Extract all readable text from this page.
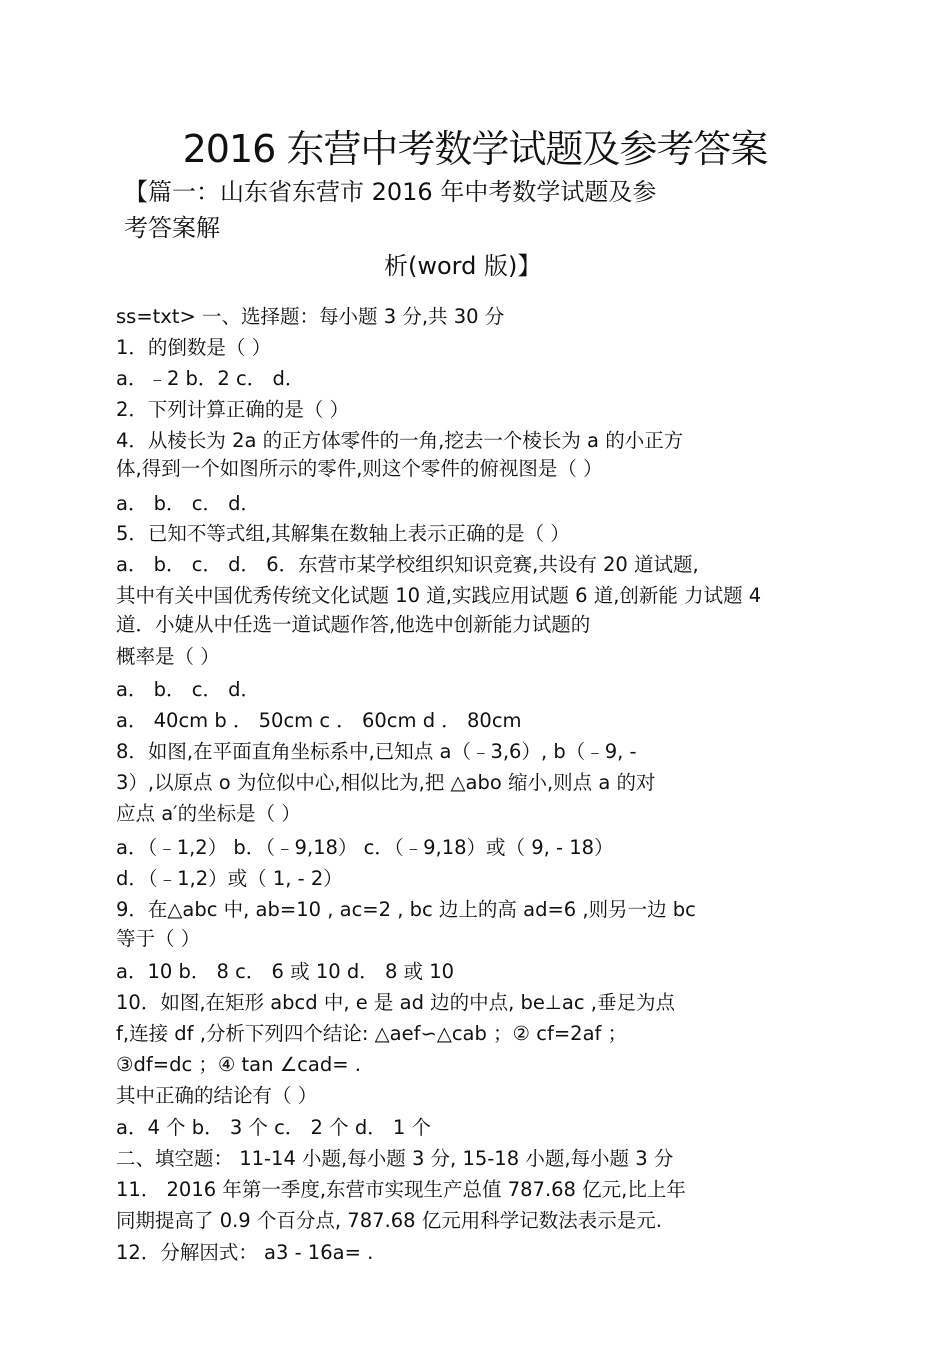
2016 东营中考数学试题及参考答案
【篇一：山东省东营市 2016 年中考数学试题及参
考答案解
析(word 版)】
ss=txt> 一、选择题：每小题 3 分,共 30 分
1．的倒数是（ ）
a．﹣2 b．2 c． d．
2．下列计算正确的是（ ）
4．从棱长为 2a 的正方体零件的一角,挖去一个棱长为 a 的小正方
体,得到一个如图所示的零件,则这个零件的俯视图是（ ）
a． b． c． d．
5．已知不等式组,其解集在数轴上表示正确的是（ ）
a． b． c． d． 6．东营市某学校组织知识竞赛,共设有 20 道试题,
其中有关中国优秀传统文化试题 10 道,实践应用试题 6 道,创新能 力试题 4
道．小婕从中任选一道试题作答,他选中创新能力试题的
概率是（ ）
a． b． c． d．
a． 40cm b ． 50cm c ． 60cm d ． 80cm
8．如图,在平面直角坐标系中,已知点 a（﹣3,6）, b（﹣9, -
3）,以原点 o 为位似中心,相似比为,把 △abo 缩小,则点 a 的对
应点 a′的坐标是（ ）
a．（﹣1,2） b．（﹣9,18） c．（﹣9,18）或（ 9, - 18）
d．（﹣1,2）或（ 1, - 2）
9．在△abc 中, ab=10 , ac=2 , bc 边上的高 ad=6 ,则另一边 bc
等于（ ）
a．10 b． 8 c． 6 或 10 d． 8 或 10
10．如图,在矩形 abcd 中, e 是 ad 边的中点, be⊥ac ,垂足为点
f,连接 df ,分析下列四个结论: △aef∽△cab ；② cf=2af ；
③df=dc ；④ tan ∠cad= .
其中正确的结论有（ ）
a．4 个 b． 3 个 c． 2 个 d． 1 个
二、填空题： 11-14 小题,每小题 3 分, 15-18 小题,每小题 3 分
11． 2016 年第一季度,东营市实现生产总值 787.68 亿元,比上年
同期提高了 0.9 个百分点, 787.68 亿元用科学记数法表示是元.
12．分解因式： a3 - 16a= .
